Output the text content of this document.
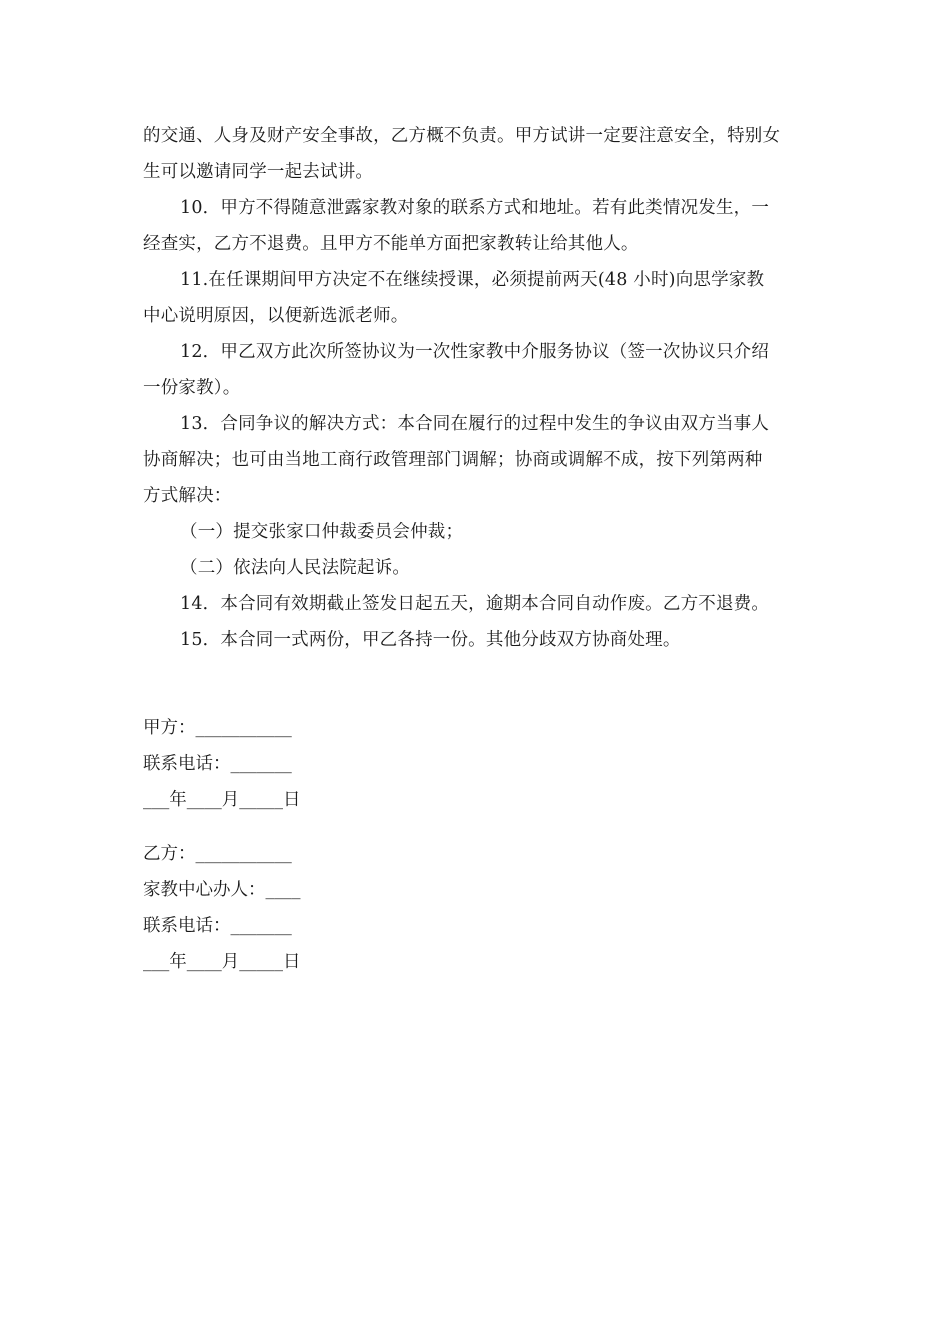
的交通、人身及财产安全事故，乙方概不负责。甲方试讲一定要注意安全，特别女
生可以邀请同学一起去试讲。
10．甲方不得随意泄露家教对象的联系方式和地址。若有此类情况发生，一
经查实，乙方不退费。且甲方不能单方面把家教转让给其他人。
11.在任课期间甲方决定不在继续授课，必须提前两天(48 小时)向思学家教
中心说明原因，以便新选派老师。
12．甲乙双方此次所签协议为一次性家教中介服务协议（签一次协议只介绍
一份家教）。
13．合同争议的解决方式：本合同在履行的过程中发生的争议由双方当事人
协商解决；也可由当地工商行政管理部门调解；协商或调解不成，按下列第两种
方式解决：
（一）提交张家口仲裁委员会仲裁；
（二）依法向人民法院起诉。
14．本合同有效期截止签发日起五天，逾期本合同自动作废。乙方不退费。
15．本合同一式两份，甲乙各持一份。其他分歧双方协商处理。
甲方：___________
联系电话：_______
___年____月_____日
乙方：___________
家教中心办人：____
联系电话：_______
___年____月_____日
